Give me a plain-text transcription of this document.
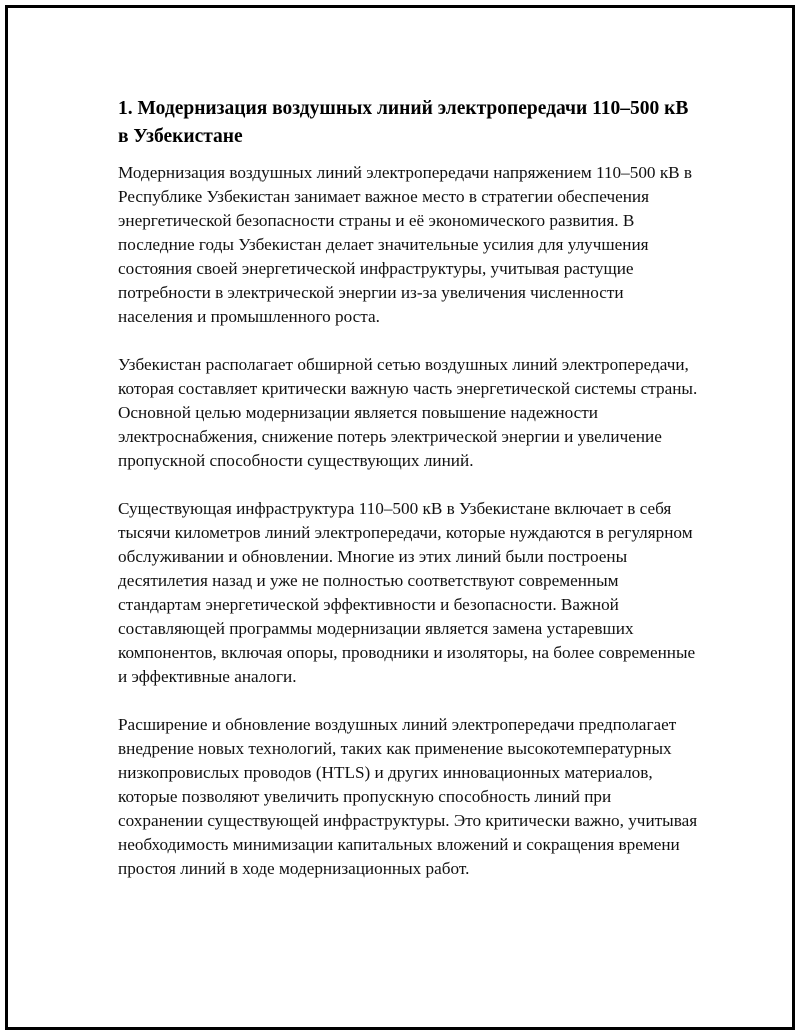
1. Модернизация воздушных линий электропередачи 110–500 кВ в Узбекистане

Модернизация воздушных линий электропередачи напряжением 110–500 кВ в Республике Узбекистан занимает важное место в стратегии обеспечения энергетической безопасности страны и её экономического развития. В последние годы Узбекистан делает значительные усилия для улучшения состояния своей энергетической инфраструктуры, учитывая растущие потребности в электрической энергии из-за увеличения численности населения и промышленного роста.

Узбекистан располагает обширной сетью воздушных линий электропередачи, которая составляет критически важную часть энергетической системы страны. Основной целью модернизации является повышение надежности электроснабжения, снижение потерь электрической энергии и увеличение пропускной способности существующих линий.

Существующая инфраструктура 110–500 кВ в Узбекистане включает в себя тысячи километров линий электропередачи, которые нуждаются в регулярном обслуживании и обновлении. Многие из этих линий были построены десятилетия назад и уже не полностью соответствуют современным стандартам энергетической эффективности и безопасности. Важной составляющей программы модернизации является замена устаревших компонентов, включая опоры, проводники и изоляторы, на более современные и эффективные аналоги.

Расширение и обновление воздушных линий электропередачи предполагает внедрение новых технологий, таких как применение высокотемпературных низкопровислых проводов (HTLS) и других инновационных материалов, которые позволяют увеличить пропускную способность линий при сохранении существующей инфраструктуры. Это критически важно, учитывая необходимость минимизации капитальных вложений и сокращения времени простоя линий в ходе модернизационных работ.
